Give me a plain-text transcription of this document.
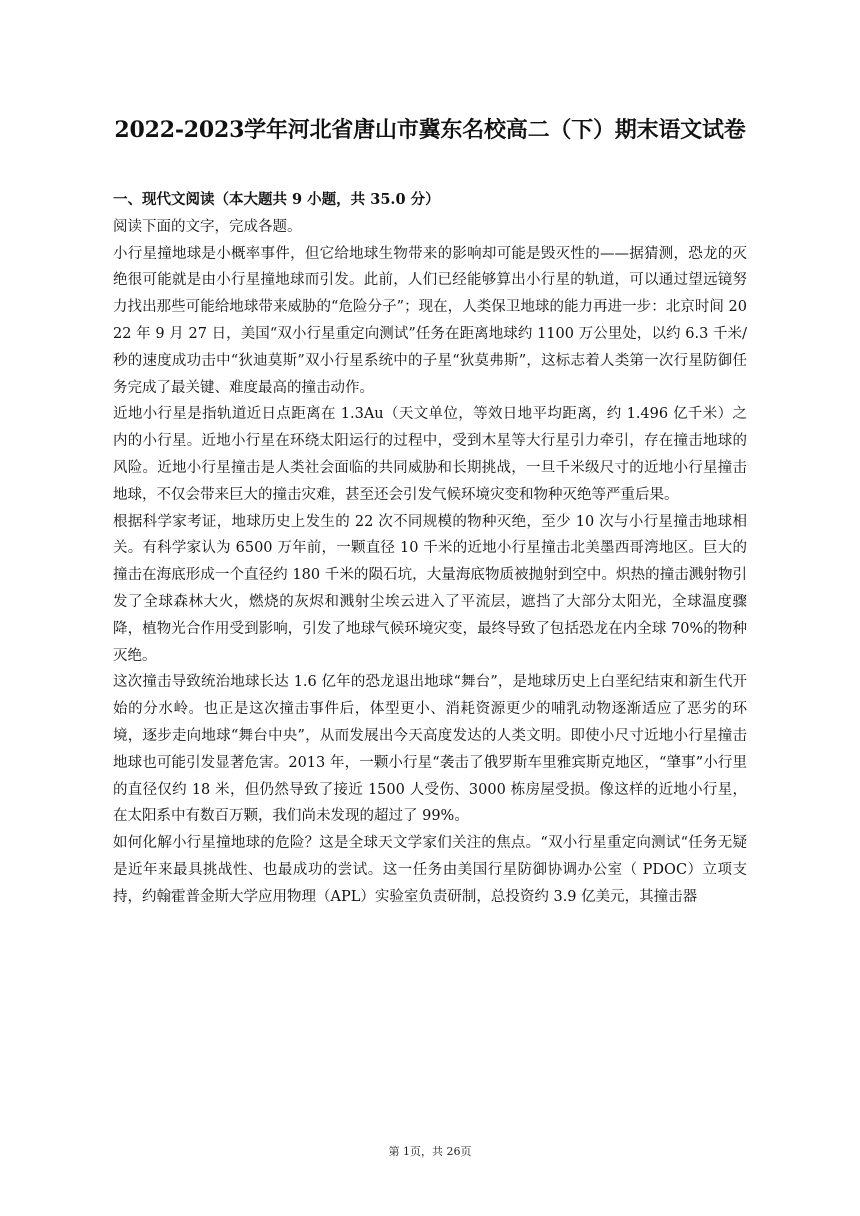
2022-2023学年河北省唐山市冀东名校高二（下）期末语文试卷

一、现代文阅读（本大题共 9 小题，共 35.0 分）

阅读下面的文字，完成各题。

小行星撞地球是小概率事件，但它给地球生物带来的影响却可能是毁灭性的——据猜测，恐龙的灭绝很可能就是由小行星撞地球而引发。此前，人们已经能够算出小行星的轨道，可以通过望远镜努力找出那些可能给地球带来威胁的“危险分子”；现在，人类保卫地球的能力再进一步：北京时间 2022 年 9 月 27 日，美国“双小行星重定向测试”任务在距离地球约 1100 万公里处，以约 6.3 千米/秒的速度成功击中“狄迪莫斯”双小行星系统中的子星“狄莫弗斯”，这标志着人类第一次行星防御任务完成了最关键、难度最高的撞击动作。

近地小行星是指轨道近日点距离在 1.3Au（天文单位，等效日地平均距离，约 1.496 亿千米）之内的小行星。近地小行星在环绕太阳运行的过程中，受到木星等大行星引力牵引，存在撞击地球的风险。近地小行星撞击是人类社会面临的共同威胁和长期挑战，一旦千米级尺寸的近地小行星撞击地球，不仅会带来巨大的撞击灾难，甚至还会引发气候环境灾变和物种灭绝等严重后果。

根据科学家考证，地球历史上发生的 22 次不同规模的物种灭绝，至少 10 次与小行星撞击地球相关。有科学家认为 6500 万年前，一颗直径 10 千米的近地小行星撞击北美墨西哥湾地区。巨大的撞击在海底形成一个直径约 180 千米的陨石坑，大量海底物质被抛射到空中。炽热的撞击溅射物引发了全球森林大火，燃烧的灰烬和溅射尘埃云进入了平流层，遮挡了大部分太阳光，全球温度骤降，植物光合作用受到影响，引发了地球气候环境灾变，最终导致了包括恐龙在内全球 70%的物种灭绝。

这次撞击导致统治地球长达 1.6 亿年的恐龙退出地球“舞台”，是地球历史上白垩纪结束和新生代开始的分水岭。也正是这次撞击事件后，体型更小、消耗资源更少的哺乳动物逐渐适应了恶劣的环境，逐步走向地球“舞台中央”，从而发展出今天高度发达的人类文明。即使小尺寸近地小行星撞击地球也可能引发显著危害。2013 年，一颗小行星“袭击了俄罗斯车里雅宾斯克地区，“肇事”小行里的直径仅约 18 米，但仍然导致了接近 1500 人受伤、3000 栋房屋受损。像这样的近地小行星，在太阳系中有数百万颗，我们尚未发现的超过了 99%。

如何化解小行星撞地球的危险？这是全球天文学家们关注的焦点。“双小行星重定向测试“任务无疑是近年来最具挑战性、也最成功的尝试。这一任务由美国行星防御协调办公室（ PDOC）立项支持，约翰霍普金斯大学应用物理（APL）实验室负责研制，总投资约 3.9 亿美元，其撞击器

第 1页，共 26页
